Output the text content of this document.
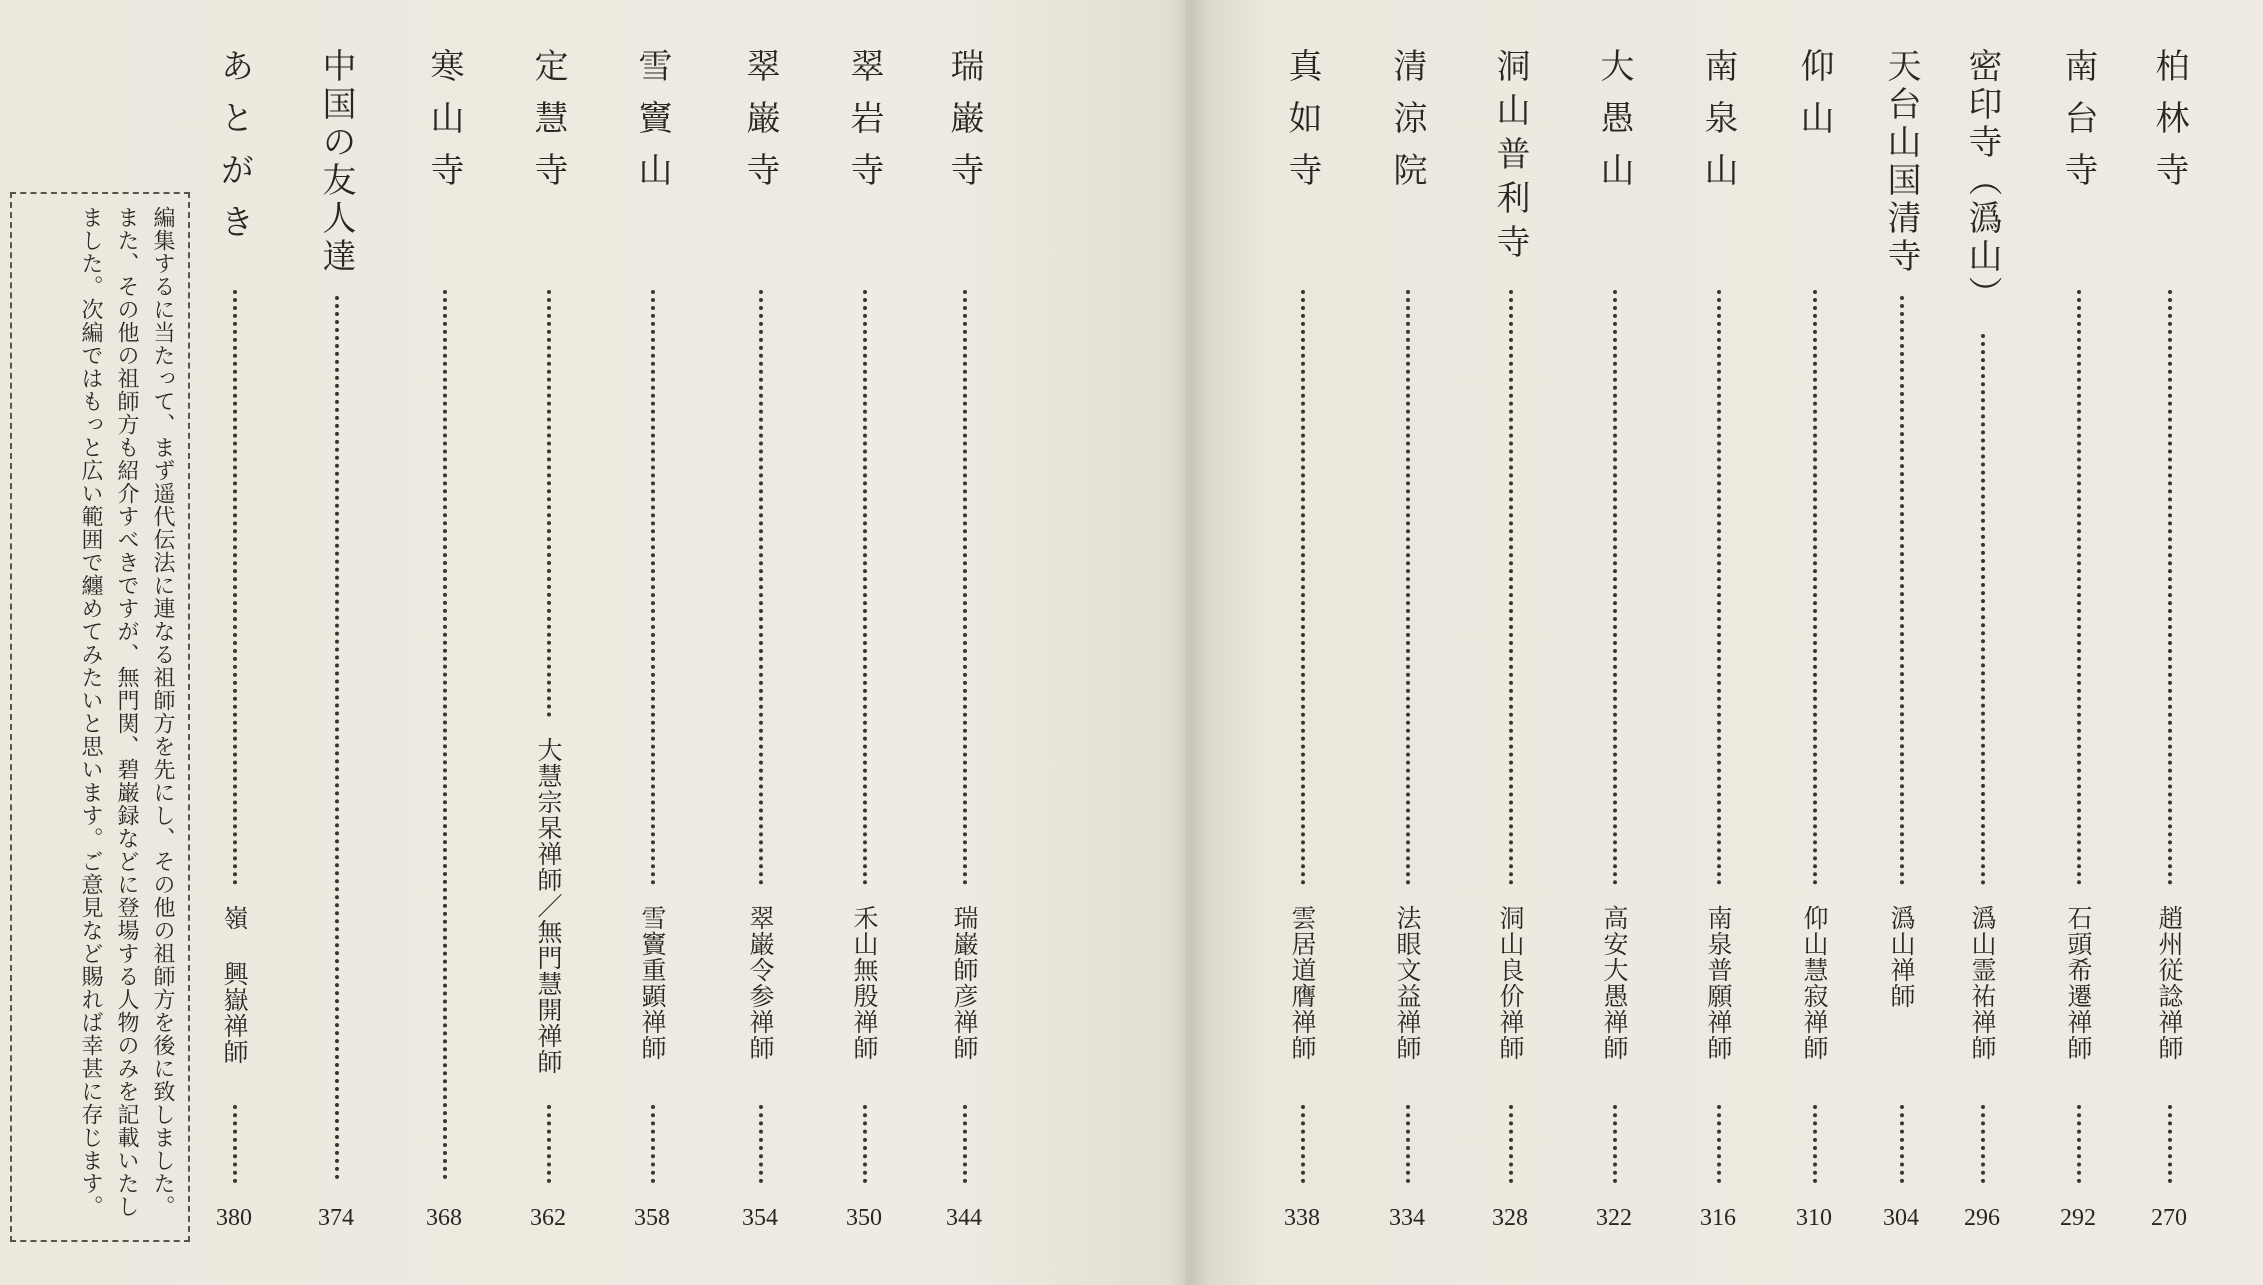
編集するに当たって、まず遥代伝法に連なる祖師方を先にし、その他の祖師方を後に致しました。また、その他の祖師方も紹介すべきですが、無門関、碧巌録などに登場する人物のみを記載いたしました。次編ではもっと広い範囲で纏めてみたいと思います。ご意見など賜れば幸甚に存じます。
あとがき
嶺 興嶽禅師
380
中国の友人達
374
寒山寺
368
定慧寺
大慧宗杲禅師／無門慧開禅師
362
雪竇山
雪竇重顕禅師
358
翠巌寺
翠巌令参禅師
354
翠岩寺
禾山無殷禅師
350
瑞巌寺
瑞巌師彦禅師
344
真如寺
雲居道膺禅師
338
清涼院
法眼文益禅師
334
洞山普利寺
洞山良价禅師
328
大愚山
高安大愚禅師
322
南泉山
南泉普願禅師
316
仰山
仰山慧寂禅師
310
天台山国清寺
潙山禅師
304
密印寺（潙山）
潙山霊祐禅師
296
南台寺
石頭希遷禅師
292
柏林寺
趙州従諗禅師
270
